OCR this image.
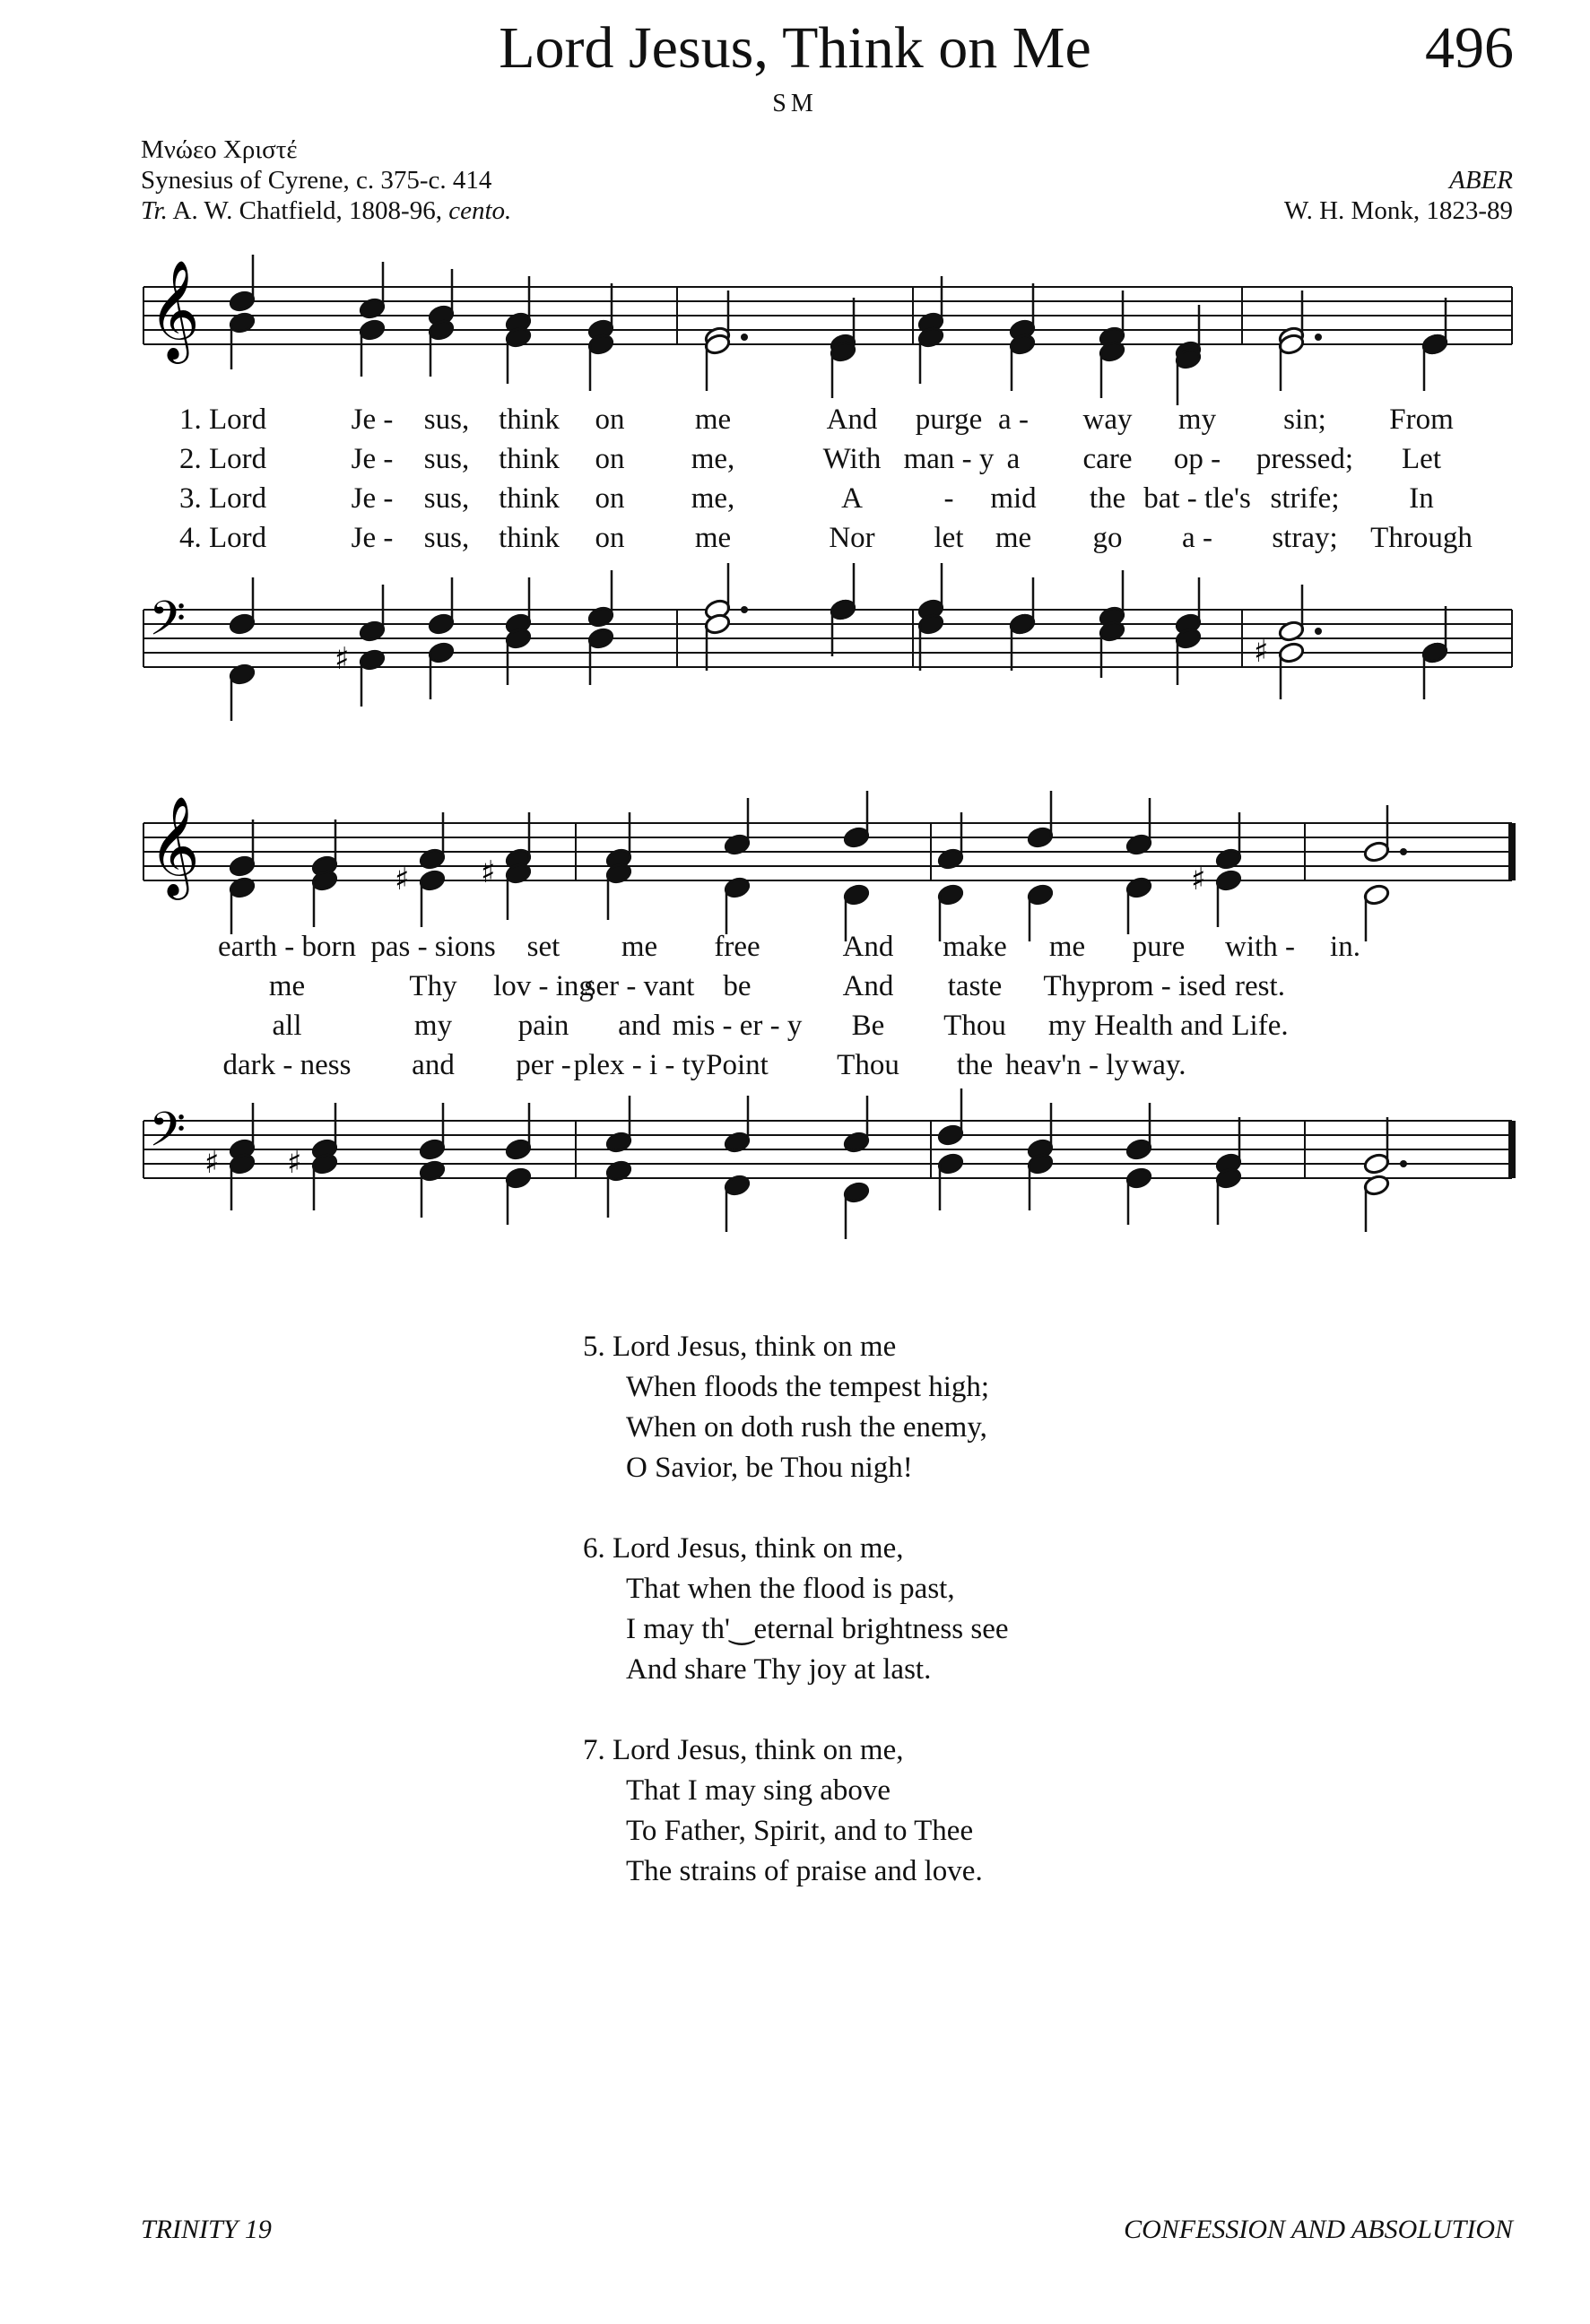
Lord Jesus, Think on Me	496
SM
Μνώεο Χριστέ
Synesius of Cyrene, c. 375-c. 414
Tr. A. W. Chatfield, 1808-96, cento.
ABER
W. H. Monk, 1823-89
𝄞
𝄢
♯	♯
1. Lord	Je - sus, think on me	And purge a - way my sin; From
2. Lord	Je - sus, think on me,	With man - y a care op - pressed; Let
3. Lord	Je - sus, think on me,	A	- mid the bat - tle's strife; In
4. Lord	Je - sus, think on me	Nor let me go a - stray; Through
𝄞	♯ ♯	♯
𝄢 ♯ ♯
earth - born pas - sions set me free	And make me pure with - in.
me	Thy lov - ing
ser - vant be	And taste Thy prom - ised rest.
all	my pain and mis - er - y Be Thou my Health and Life.
dark - ness and per - plex - i - ty Point Thou the heav'n - ly way.
5. Lord Jesus, think on me
When floods the tempest high;
When on doth rush the enemy,
O Savior, be Thou nigh!
6. Lord Jesus, think on me,
That when the flood is past,
I may th'‿eternal brightness see
And share Thy joy at last.
7. Lord Jesus, think on me,
That I may sing above
To Father, Spirit, and to Thee
The strains of praise and love.
TRINITY 19	CONFESSION AND ABSOLUTION
